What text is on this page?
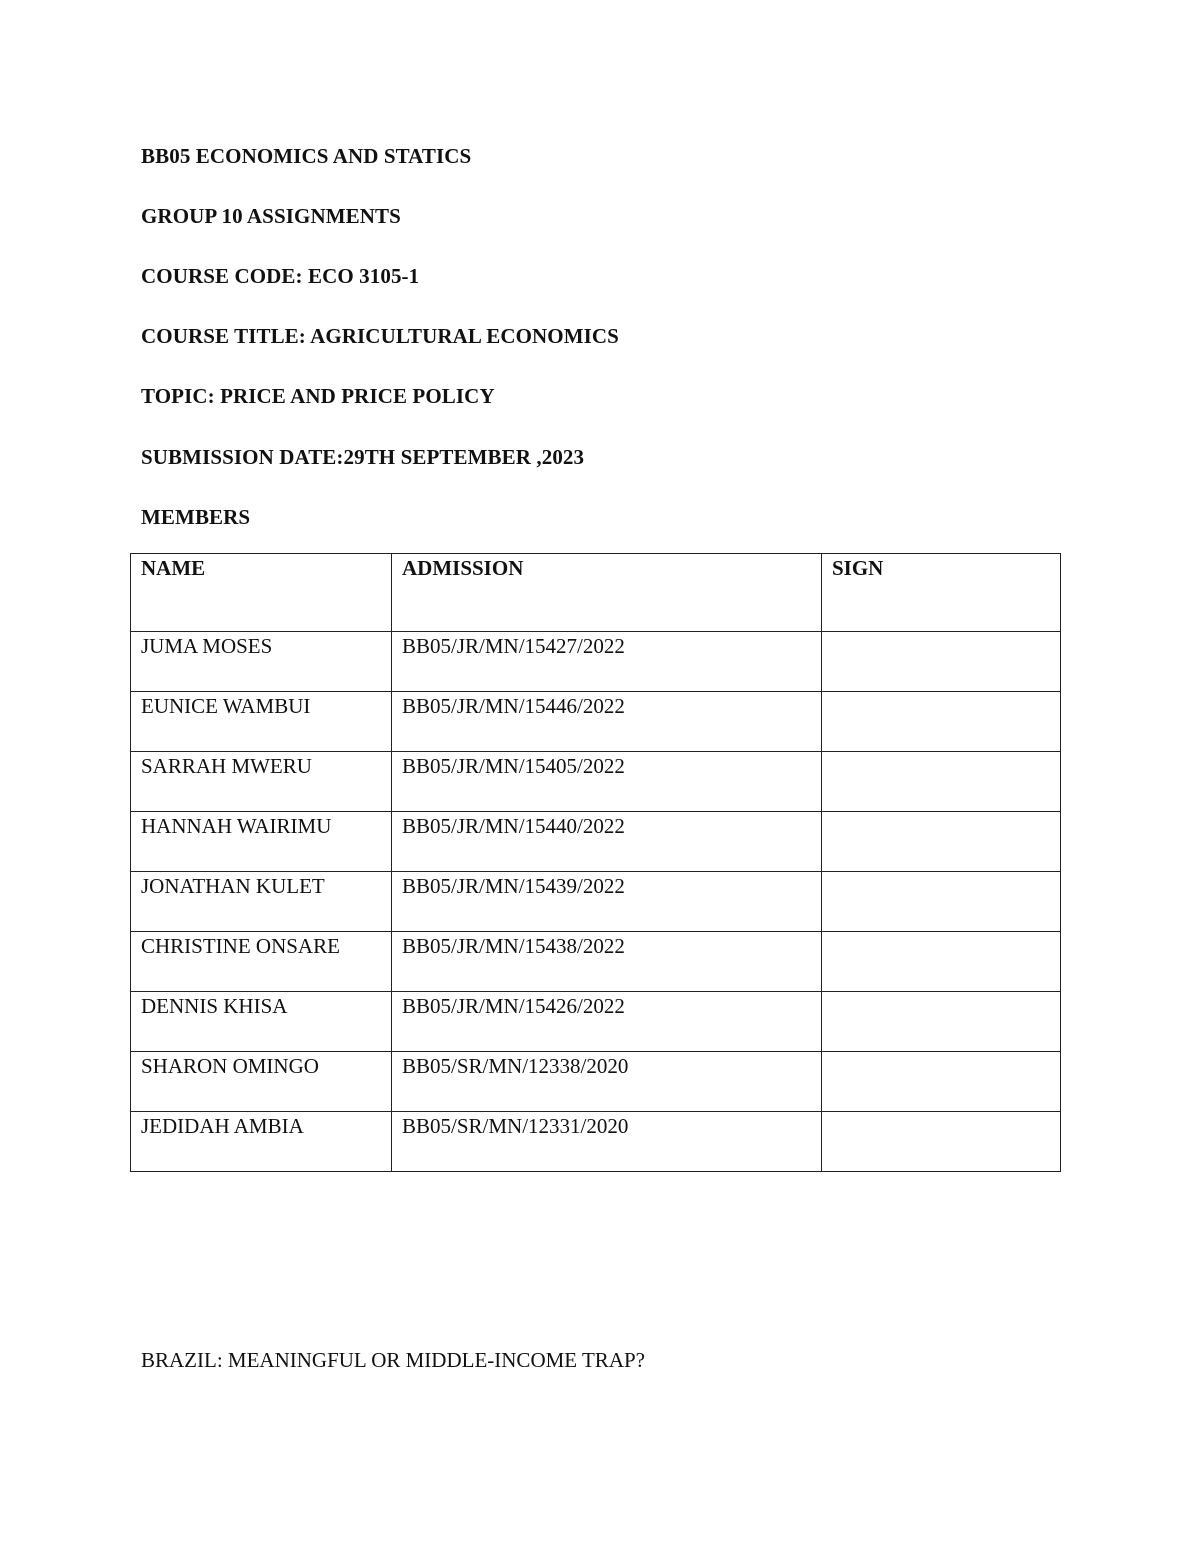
BB05 ECONOMICS AND STATICS

GROUP 10 ASSIGNMENTS

COURSE CODE: ECO 3105-1

COURSE TITLE: AGRICULTURAL ECONOMICS

TOPIC: PRICE AND PRICE POLICY

SUBMISSION DATE:29TH SEPTEMBER ,2023

MEMBERS

NAME	ADMISSION	SIGN
JUMA MOSES	BB05/JR/MN/15427/2022	
EUNICE WAMBUI	BB05/JR/MN/15446/2022	
SARRAH MWERU	BB05/JR/MN/15405/2022	
HANNAH WAIRIMU	BB05/JR/MN/15440/2022	
JONATHAN KULET	BB05/JR/MN/15439/2022	
CHRISTINE ONSARE	BB05/JR/MN/15438/2022	
DENNIS KHISA	BB05/JR/MN/15426/2022	
SHARON OMINGO	BB05/SR/MN/12338/2020	
JEDIDAH AMBIA	BB05/SR/MN/12331/2020	

BRAZIL: MEANINGFUL OR MIDDLE-INCOME TRAP?
